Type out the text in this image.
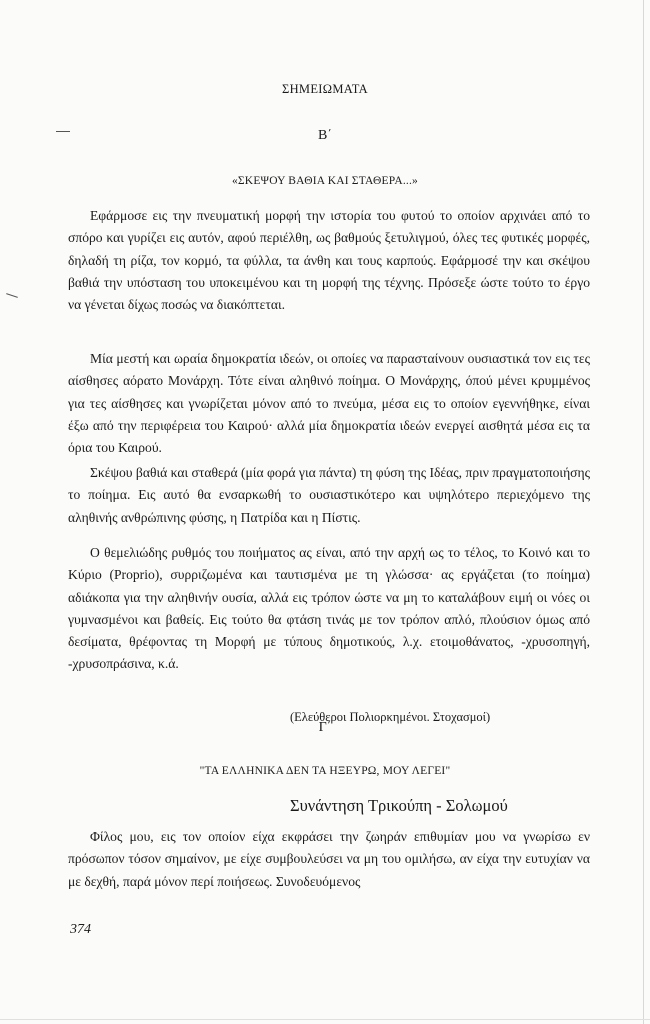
ΣΗΜΕΙΩΜΑΤΑ
Β΄
«ΣΚΕΨΟΥ ΒΑΘΙΑ ΚΑΙ ΣΤΑΘΕΡΑ...»

Εφάρμοσε εις την πνευματική μορφή την ιστορία του φυτού το οποίον αρχινάει από το σπόρο και γυρίζει εις αυτόν, αφού περιέλθη, ως βαθμούς ξετυλιγμού, όλες τες φυτικές μορφές, δηλαδή τη ρίζα, τον κορμό, τα φύλλα, τα άνθη και τους καρπούς. Εφάρμοσέ την και σκέψου βαθιά την υπόσταση του υποκειμένου και τη μορφή της τέχνης. Πρόσεξε ώστε τούτο το έργο να γένεται δίχως ποσώς να διακόπτεται.

Μία μεστή και ωραία δημοκρατία ιδεών, οι οποίες να παρασταίνουν ουσιαστικά τον εις τες αίσθησες αόρατο Μονάρχη. Τότε είναι αληθινό ποίημα. Ο Μονάρχης, όπού μένει κρυμμένος για τες αίσθησες και γνωρίζεται μόνον από το πνεύμα, μέσα εις το οποίον εγεννήθηκε, είναι έξω από την περιφέρεια του Καιρού· αλλά μία δημοκρατία ιδεών ενεργεί αισθητά μέσα εις τα όρια του Καιρού.

Σκέψου βαθιά και σταθερά (μία φορά για πάντα) τη φύση της Ιδέας, πριν πραγματοποιήσης το ποίημα. Εις αυτό θα ενσαρκωθή το ουσιαστικότερο και υψηλότερο περιεχόμενο της αληθινής ανθρώπινης φύσης, η Πατρίδα και η Πίστις.

Ο θεμελιώδης ρυθμός του ποιήματος ας είναι, από την αρχή ως το τέλος, το Κοινό και το Κύριο (Proprio), συρριζωμένα και ταυτισμένα με τη γλώσσα· ας εργάζεται (το ποίημα) αδιάκοπα για την αληθινήν ουσία, αλλά εις τρόπον ώστε να μη το καταλάβουν ειμή οι νόες οι γυμνασμένοι και βαθείς. Εις τούτο θα φτάση τινάς με τον τρόπον απλό, πλούσιον όμως από δεσίματα, θρέφοντας τη Μορφή με τύπους δημοτικούς, λ.χ. ετοιμοθάνατος, -χρυσοπηγή, -χρυσοπράσινα, κ.ά.

(Ελεύθεροι Πολιορκημένοι. Στοχασμοί)
Γ΄
"ΤΑ ΕΛΛΗΝΙΚΑ ΔΕΝ ΤΑ ΗΞΕΥΡΩ, ΜΟΥ ΛΕΓΕΙ"
Συνάντηση Τρικούπη - Σολωμού

Φίλος μου, εις τον οποίον είχα εκφράσει την ζωηράν επιθυμίαν μου να γνωρίσω εν πρόσωπον τόσον σημαίνον, με είχε συμβουλεύσει να μη του ομιλήσω, αν είχα την ευτυχίαν να με δεχθή, παρά μόνον περί ποιήσεως. Συνοδευόμενος

374
